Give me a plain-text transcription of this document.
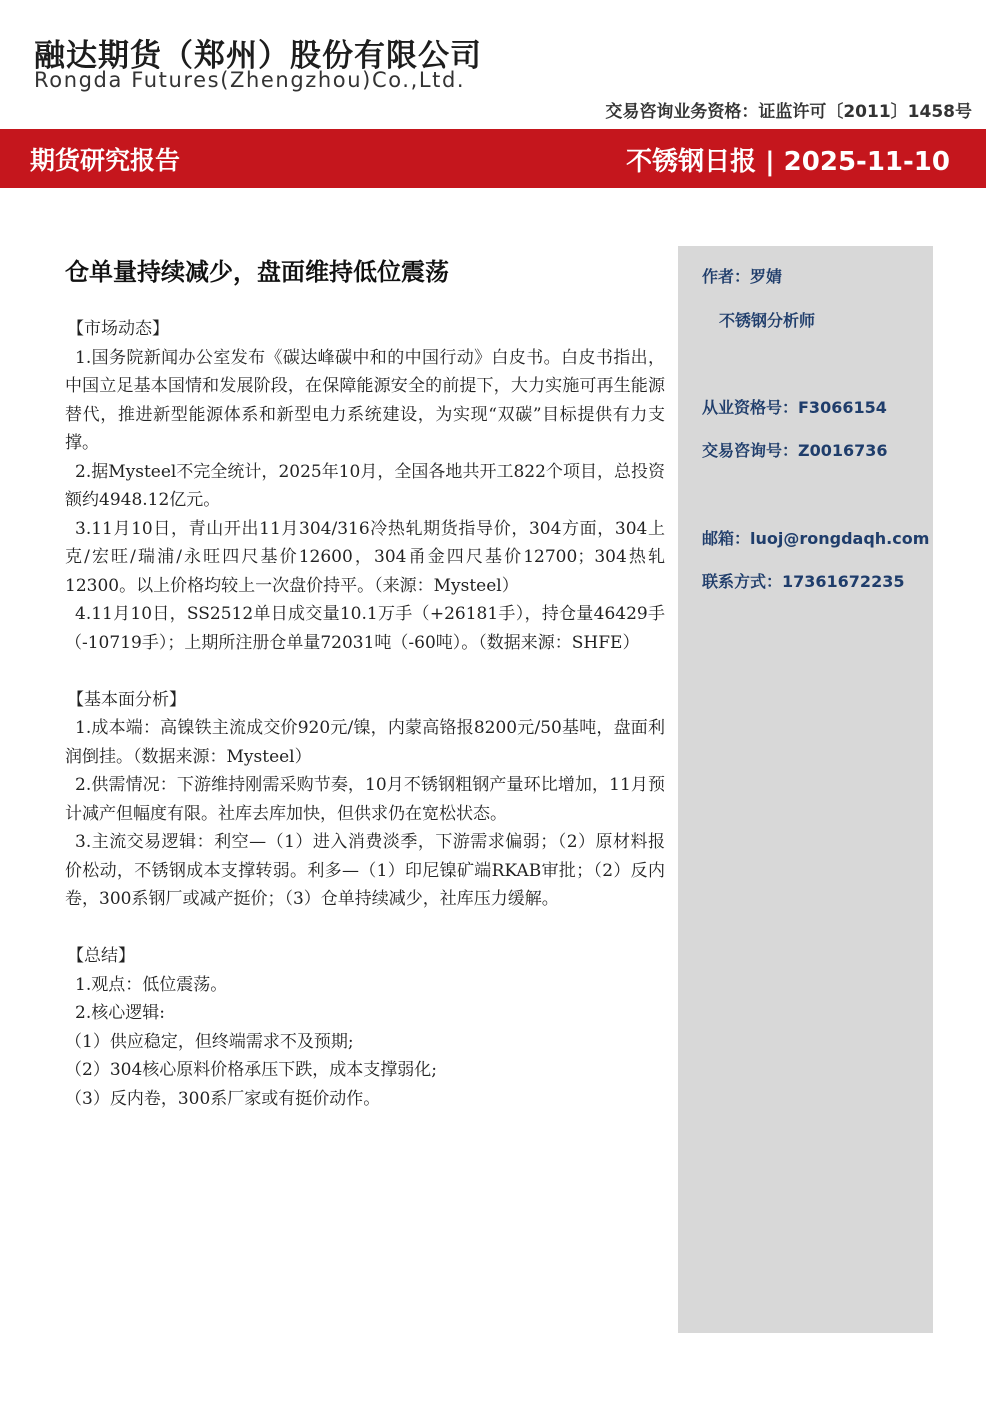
融达期货（郑州）股份有限公司
Rongda Futures(Zhengzhou)Co.,Ltd.
交易咨询业务资格：证监许可〔2011〕1458号
期货研究报告	不锈钢日报 | 2025-11-10
仓单量持续减少，盘面维持低位震荡

【市场动态】

1.国务院新闻办公室发布《碳达峰碳中和的中国行动》白皮书。白皮书指出，中国立足基本国情和发展阶段，在保障能源安全的前提下，大力实施可再生能源替代，推进新型能源体系和新型电力系统建设，为实现“双碳”目标提供有力支撑。

2.据Mysteel不完全统计，2025年10月，全国各地共开工822个项目，总投资额约4948.12亿元。

3.11月10日，青山开出11月304/316冷热轧期货指导价，304方面，304上克/宏旺/瑞浦/永旺四尺基价12600，304甬金四尺基价12700；304热轧12300。以上价格均较上一次盘价持平。（来源：Mysteel）

4.11月10日，SS2512单日成交量10.1万手（+26181手），持仓量46429手（-10719手）；上期所注册仓单量72031吨（-60吨）。（数据来源：SHFE）

【基本面分析】

1.成本端：高镍铁主流成交价920元/镍，内蒙高铬报8200元/50基吨，盘面利润倒挂。（数据来源：Mysteel）

2.供需情况：下游维持刚需采购节奏，10月不锈钢粗钢产量环比增加，11月预计减产但幅度有限。社库去库加快，但供求仍在宽松状态。

3.主流交易逻辑：利空—（1）进入消费淡季，下游需求偏弱；（2）原材料报价松动，不锈钢成本支撑转弱。利多—（1）印尼镍矿端RKAB审批；（2）反内卷，300系钢厂或减产挺价；（3）仓单持续减少，社库压力缓解。

【总结】

1.观点：低位震荡。

2.核心逻辑:

（1）供应稳定，但终端需求不及预期;

（2）304核心原料价格承压下跌，成本支撑弱化;

（3）反内卷，300系厂家或有挺价动作。

作者：罗婧
不锈钢分析师
从业资格号：F3066154
交易咨询号：Z0016736
邮箱：luoj@rongdaqh.com
联系方式：17361672235
